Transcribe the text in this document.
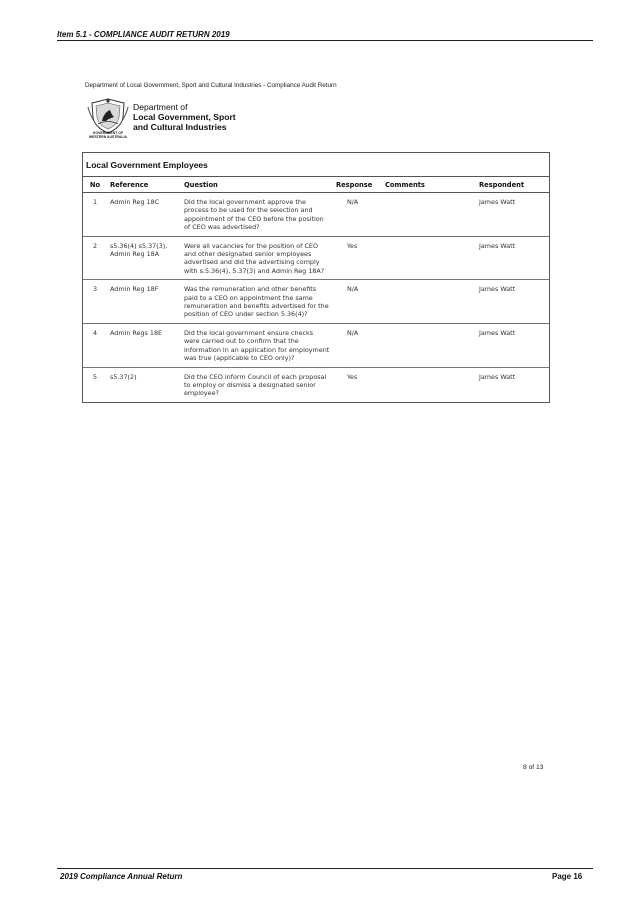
Item 5.1 - COMPLIANCE AUDIT RETURN 2019
Department of Local Government, Sport and Cultural Industries - Compliance Audit Return
GOVERNMENT OF
WESTERN AUSTRALIA
Department of
Local Government, Sport
and Cultural Industries
Local Government Employees
No	Reference	Question	Response	Comments	Respondent
1	Admin Reg 18C	Did the local government approve the process to be used for the selection and appointment of the CEO before the position of CEO was advertised?	N/A		James Watt
2	s5.36(4) s5.37(3), Admin Reg 18A	Were all vacancies for the position of CEO and other designated senior employees advertised and did the advertising comply with s.5.36(4), 5.37(3) and Admin Reg 18A?	Yes		James Watt
3	Admin Reg 18F	Was the remuneration and other benefits paid to a CEO on appointment the same remuneration and benefits advertised for the position of CEO under section 5.36(4)?	N/A		James Watt
4	Admin Regs 18E	Did the local government ensure checks were carried out to confirm that the information in an application for employment was true (applicable to CEO only)?	N/A		James Watt
5	s5.37(2)	Did the CEO inform Council of each proposal to employ or dismiss a designated senior employee?	Yes		James Watt
8 of 13
2019 Compliance Annual Return	Page 16
